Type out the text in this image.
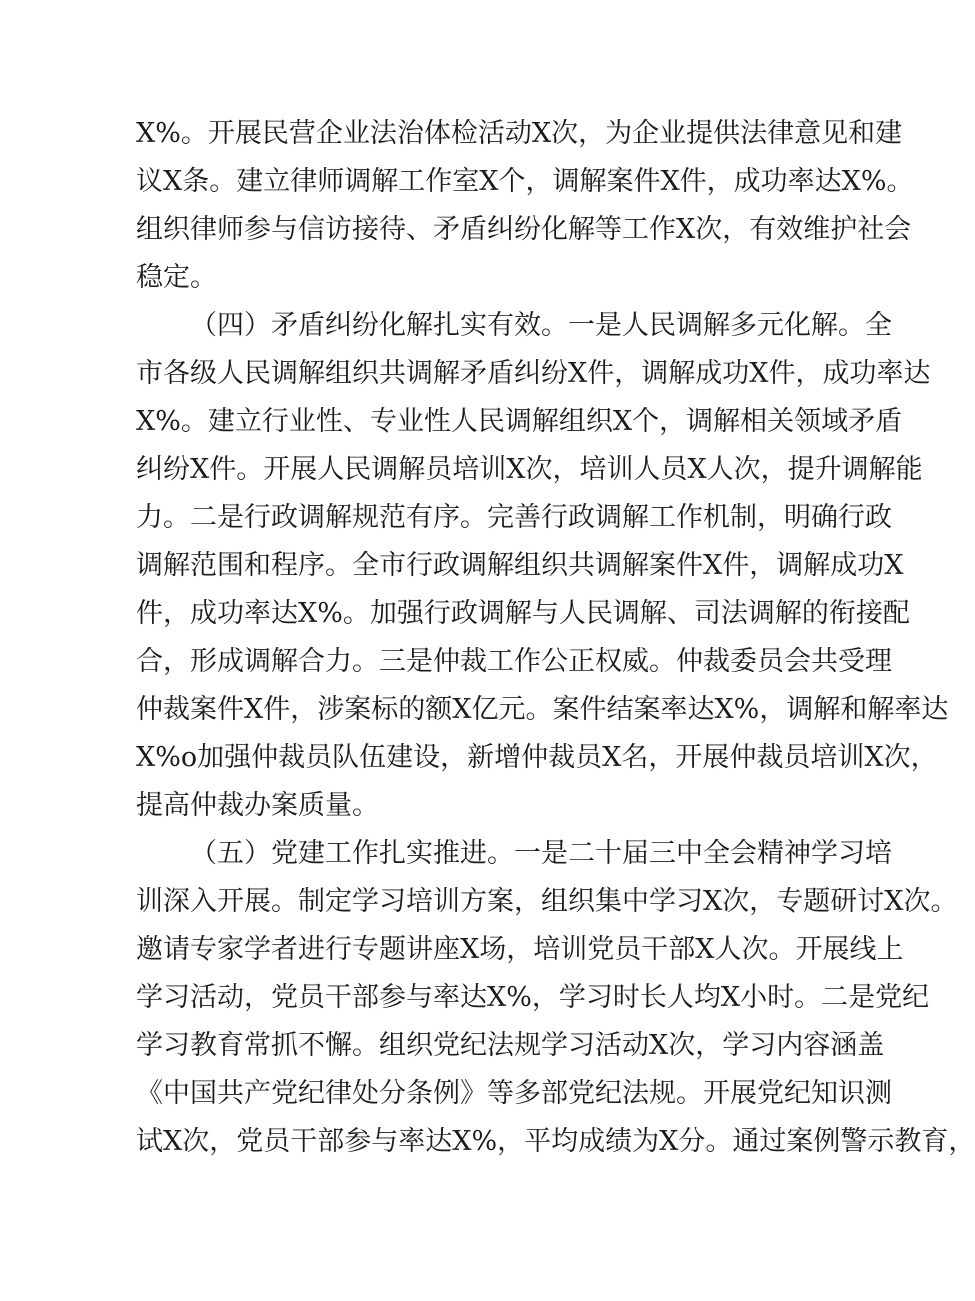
X%。开展民营企业法治体检活动X次，为企业提供法律意见和建
议X条。建立律师调解工作室X个，调解案件X件，成功率达X%。
组织律师参与信访接待、矛盾纠纷化解等工作X次，有效维护社会
稳定。
（四）矛盾纠纷化解扎实有效。一是人民调解多元化解。全
市各级人民调解组织共调解矛盾纠纷X件，调解成功X件，成功率达
X%。建立行业性、专业性人民调解组织X个，调解相关领域矛盾
纠纷X件。开展人民调解员培训X次，培训人员X人次，提升调解能
力。二是行政调解规范有序。完善行政调解工作机制，明确行政
调解范围和程序。全市行政调解组织共调解案件X件，调解成功X
件，成功率达X%。加强行政调解与人民调解、司法调解的衔接配
合，形成调解合力。三是仲裁工作公正权威。仲裁委员会共受理
仲裁案件X件，涉案标的额X亿元。案件结案率达X%，调解和解率达
X%o加强仲裁员队伍建设，新增仲裁员X名，开展仲裁员培训X次，
提高仲裁办案质量。
（五）党建工作扎实推进。一是二十届三中全会精神学习培
训深入开展。制定学习培训方案，组织集中学习X次，专题研讨X次。
邀请专家学者进行专题讲座X场，培训党员干部X人次。开展线上
学习活动，党员干部参与率达X%，学习时长人均X小时。二是党纪
学习教育常抓不懈。组织党纪法规学习活动X次，学习内容涵盖
《中国共产党纪律处分条例》等多部党纪法规。开展党纪知识测
试X次，党员干部参与率达X%，平均成绩为X分。通过案例警示教育，
